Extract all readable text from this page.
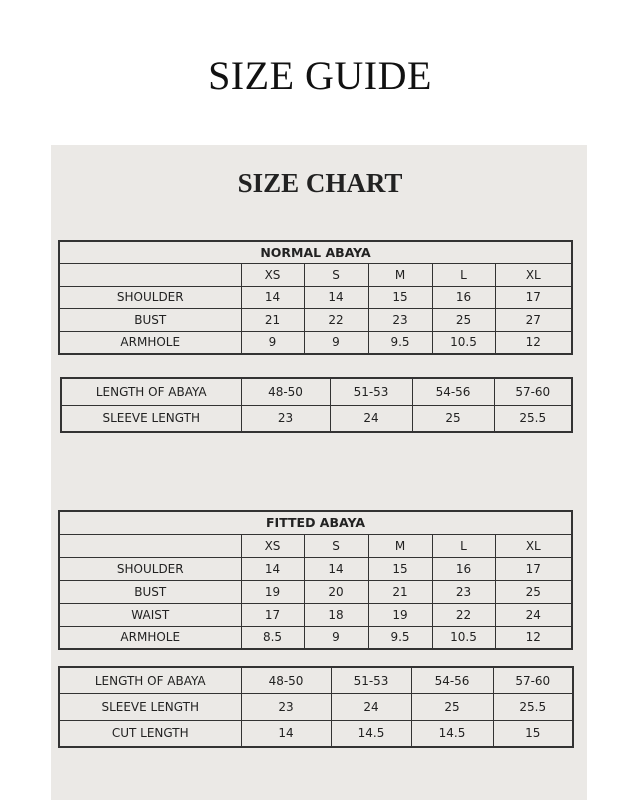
SIZE GUIDE
SIZE CHART
NORMAL ABAYA					
	XS	S	M	L	XL
SHOULDER	14	14	15	16	17
BUST	21	22	23	25	27
ARMHOLE	9	9	9.5	10.5	12
LENGTH OF ABAYA	48-50	51-53	54-56	57-60
SLEEVE LENGTH	23	24	25	25.5
FITTED ABAYA					
	XS	S	M	L	XL
SHOULDER	14	14	15	16	17
BUST	19	20	21	23	25
WAIST	17	18	19	22	24
ARMHOLE	8.5	9	9.5	10.5	12
LENGTH OF ABAYA	48-50	51-53	54-56	57-60
SLEEVE LENGTH	23	24	25	25.5
CUT LENGTH	14	14.5	14.5	15
